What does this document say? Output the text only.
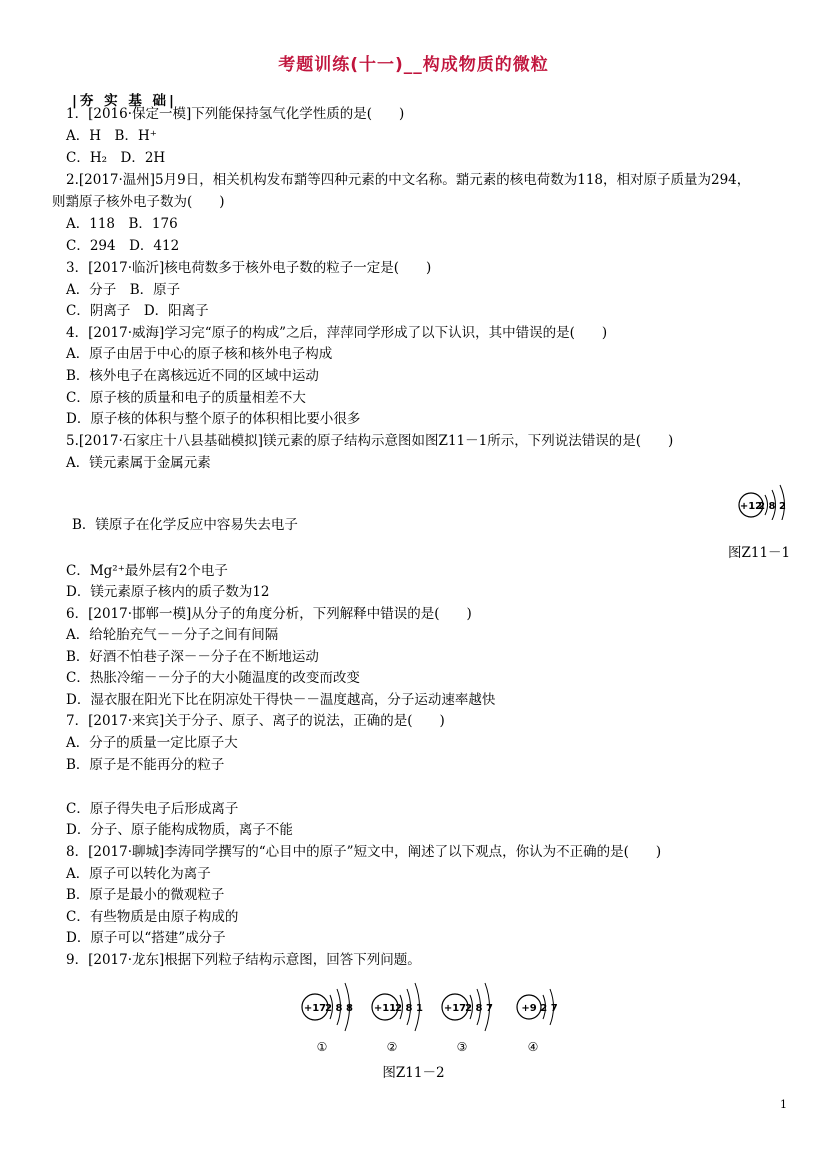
考题训练(十一)__构成物质的微粒
|夯 实 基 础|
1．[2016·保定一模]下列能保持氢气化学性质的是(　　)
A．H　B．H⁺
C．H₂　D．2H
2.[2017·温州]5月9日，相关机构发布䨭等四种元素的中文名称。䨭元素的核电荷数为118，相对原子质量为294，
则䨭原子核外电子数为(　　)
A．118　B．176
C．294　D．412
3．[2017·临沂]核电荷数多于核外电子数的粒子一定是(　　)
A．分子　B．原子
C．阴离子　D．阳离子
4．[2017·威海]学习完“原子的构成”之后，萍萍同学形成了以下认识，其中错误的是(　　)
A．原子由居于中心的原子核和核外电子构成
B．核外电子在离核远近不同的区域中运动
C．原子核的质量和电子的质量相差不大
D．原子核的体积与整个原子的体积相比要小很多
5.[2017·石家庄十八县基础模拟]镁元素的原子结构示意图如图Z11－1所示，下列说法错误的是(　　)
A．镁元素属于金属元素
+12
2 8 2
B．镁原子在化学反应中容易失去电子
图Z11－1
C．Mg²⁺最外层有2个电子
D．镁元素原子核内的质子数为12
6．[2017·邯郸一模]从分子的角度分析，下列解释中错误的是(　　)
A．给轮胎充气－－分子之间有间隔
B．好酒不怕巷子深－－分子在不断地运动
C．热胀冷缩－－分子的大小随温度的改变而改变
D．湿衣服在阳光下比在阴凉处干得快－－温度越高，分子运动速率越快
7．[2017·来宾]关于分子、原子、离子的说法，正确的是(　　)
A．分子的质量一定比原子大
B．原子是不能再分的粒子
C．原子得失电子后形成离子
D．分子、原子能构成物质，离子不能
8．[2017·聊城]李涛同学撰写的“心目中的原子”短文中，阐述了以下观点，你认为不正确的是(　　)
A．原子可以转化为离子
B．原子是最小的微观粒子
C．有些物质是由原子构成的
D．原子可以“搭建”成分子
9．[2017·龙东]根据下列粒子结构示意图，回答下列问题。
+17
2 8 8
①
+11
2 8 1
②
+17
2 8 7
③
+9 2 7
④
图Z11－2
1
